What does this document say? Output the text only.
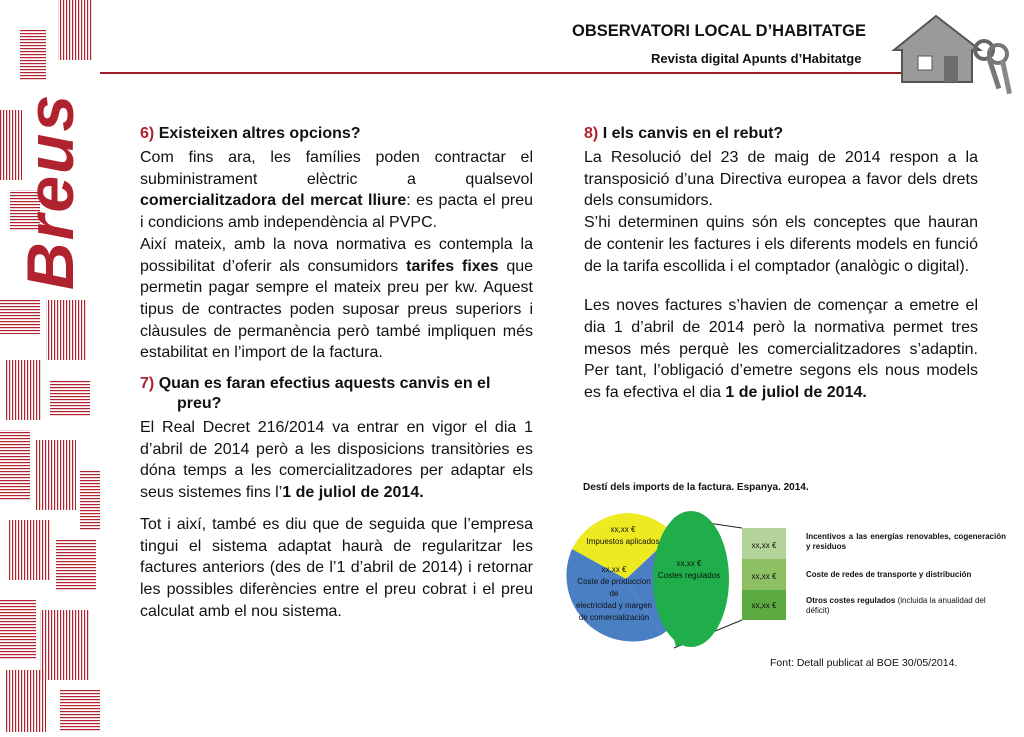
Breus
OBSERVATORI LOCAL D’HABITATGE
Revista digital Apunts d’Habitatge
6) Existeixen altres opcions?

Com fins ara, les famílies poden contractar el subministrament elèctric a qualsevol comercialitzadora del mercat lliure: es pacta el preu i condicions amb independència al PVPC.

Així mateix, amb la nova normativa es contempla la possibilitat d’oferir als consumidors tarifes fixes que permetin pagar sempre el mateix preu per kw. Aquest tipus de contractes poden suposar preus superiors i clàusules de permanència però també impliquen més estabilitat en l’import de la factura.

7) Quan es faran efectius aquests canvis en el preu?

El Real Decret 216/2014 va entrar en vigor el dia 1 d’abril de 2014 però a les disposicions transitòries es dóna temps a les comercialitzadores per adaptar els seus sistemes fins l’1 de juliol de 2014.

Tot i així, també es diu que de seguida que l’empresa tingui el sistema adaptat haurà de regularitzar les factures anteriors (des de l’1 d’abril de 2014) i retornar les possibles diferències entre el preu cobrat i el preu calculat amb el nou sistema.

8) I els canvis en el rebut?

La Resolució del 23 de maig de 2014 respon a la transposició d’una Directiva europea a favor dels drets dels consumidors.

S’hi determinen quins són els conceptes que hauran de contenir les factures i els diferents models en funció de la tarifa escollida i el comptador (analògic o digital).

Les noves factures s’havien de començar a emetre el dia 1 d’abril de 2014 però la normativa permet tres mesos més perquè les comercialitzadores s’adaptin. Per tant, l’obligació d’emetre segons els nous models es fa efectiva el dia 1 de juliol de 2014.

Destí dels imports de la factura. Espanya. 2014.
xx,xx €
Impuestos aplicados
xx,xx €
Costes regulados
xx,xx €
Coste de produccion
de
electricidad y margen
de comercialización
xx,xx €
xx,xx €
xx,xx €
Incentivos a las energías renovables, cogeneración y residuos
Coste de redes de transporte y distribución
Otros costes regulados (incluida la anualidad del déficit)
Font: Detall publicat al BOE 30/05/2014.
